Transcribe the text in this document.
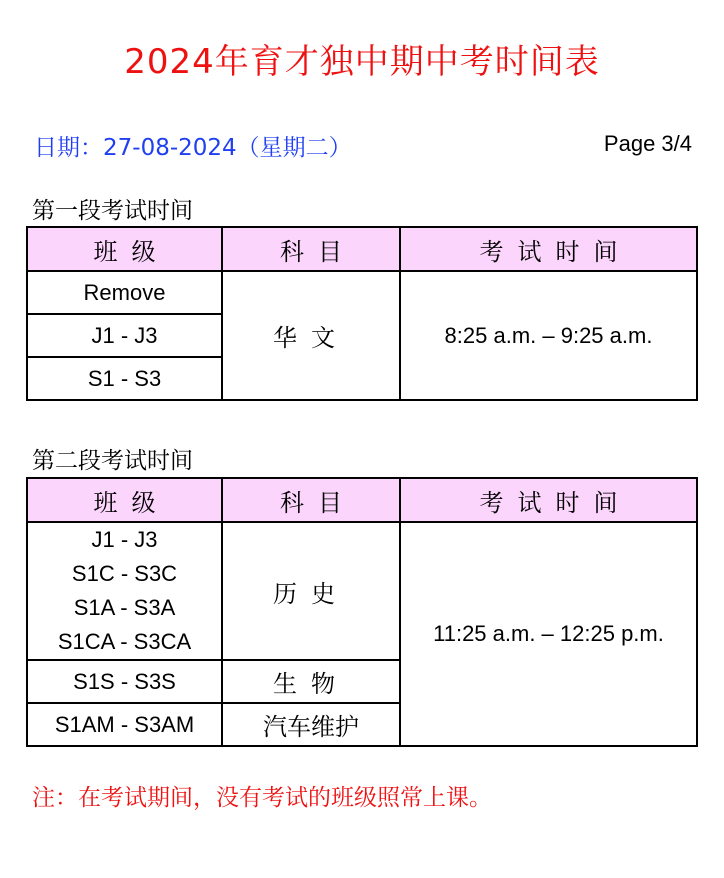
2024年育才独中期中考时间表
日期：27-08-2024（星期二）	Page 3/4
第一段考试时间
班级	科目	考试时间
Remove	华文	8:25 a.m. – 9:25 a.m.
J1 - J3		
S1 - S3		
第二段考试时间
班级	科目	考试时间

J1 - J3
S1C - S3C
S1A - S3A
S1CA - S3CA	历史	11:25 a.m. – 12:25 p.m.
S1S - S3S	生物	
S1AM - S3AM	汽车维护	
注：在考试期间，没有考试的班级照常上课。
